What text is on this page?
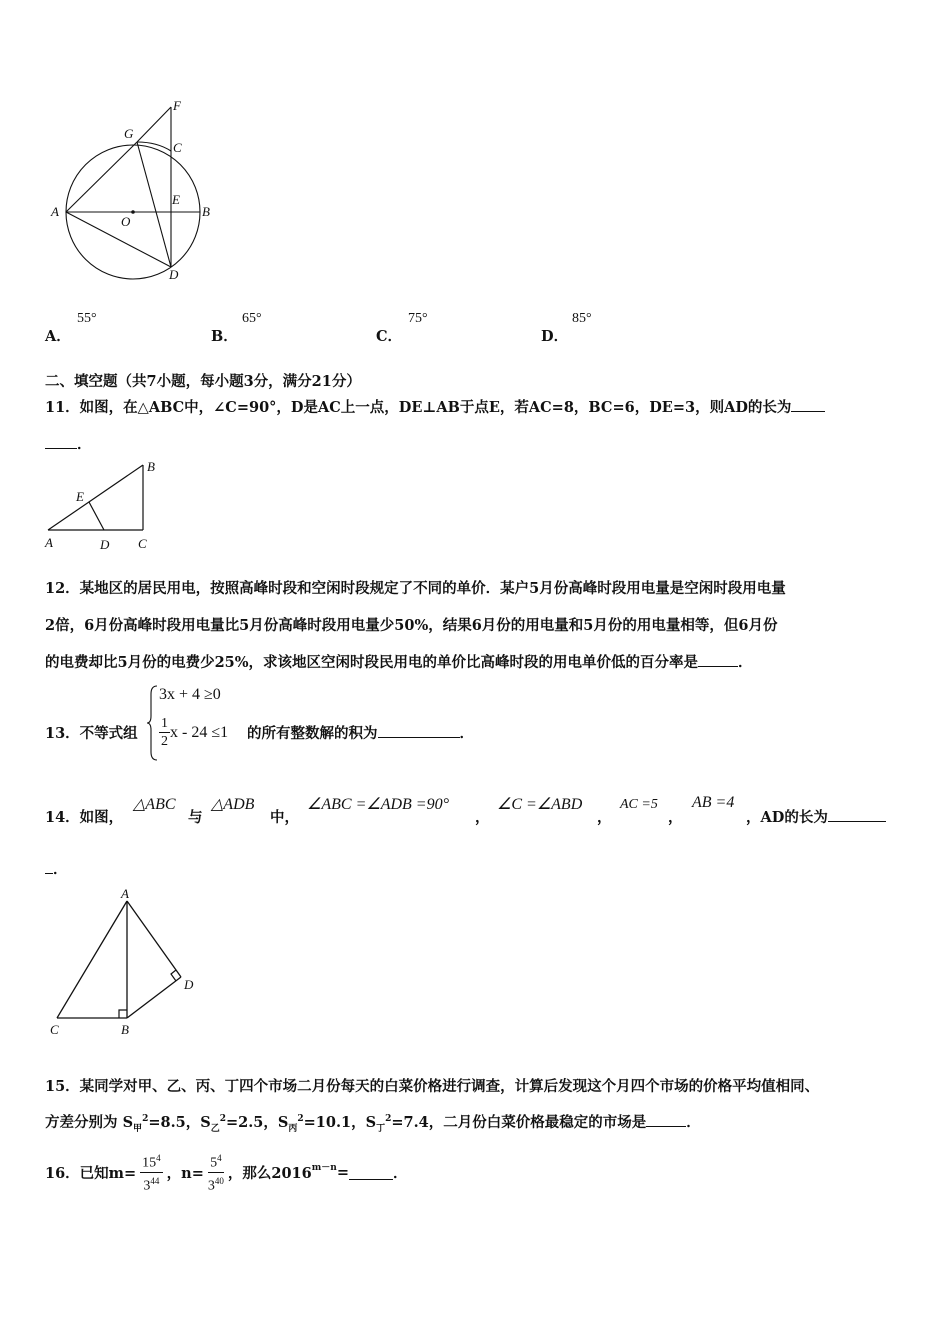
F
G
C
E
A
O
B
D
A．
55°
B．
65°
C．
75°
D．
85°
二、填空题（共7小题，每小题3分，满分21分）
11．如图，在△ABC中，∠C=90°，D是AC上一点，DE⊥AB于点E，若AC=8，BC=6，DE=3，则AD的长为
．
B
E
A	D C
12．某地区的居民用电，按照高峰时段和空闲时段规定了不同的单价．某户5月份高峰时段用电量是空闲时段用电量
2倍，6月份高峰时段用电量比5月份高峰时段用电量少50%，结果6月份的用电量和5月份的用电量相等，但6月份
的电费却比5月份的电费少25%，求该地区空闲时段民用电的单价比高峰时段的用电单价低的百分率是	．
13．不等式组
3x + 4 ≥0
$\frac{1}{2}$ x - 24 ≤1 的所有整数解的积为	．
14．如图，
△ABC
与
△ADB
中，
∠ABC =∠ADB =90°
，
∠C =∠ABD
，
AC =5
，
AB =4
，AD的长为
．
A
D
C	B
15．某同学对甲、乙、丙、丁四个市场二月份每天的白菜价格进行调查，计算后发现这个月四个市场的价格平均值相同、
方差分别为 $S_甲^2=8.5$，$S_乙^2=2.5$，$S_丙^2=10.1$，$S_丁^2=7.4$，二月份白菜价格最稳定的市场是	．
16．已知$m= \frac{15^4}{3^{44}}$ ，$n= \frac{5^4}{3^{40}}$ ，那么$2016^{m-n}$ =	．
